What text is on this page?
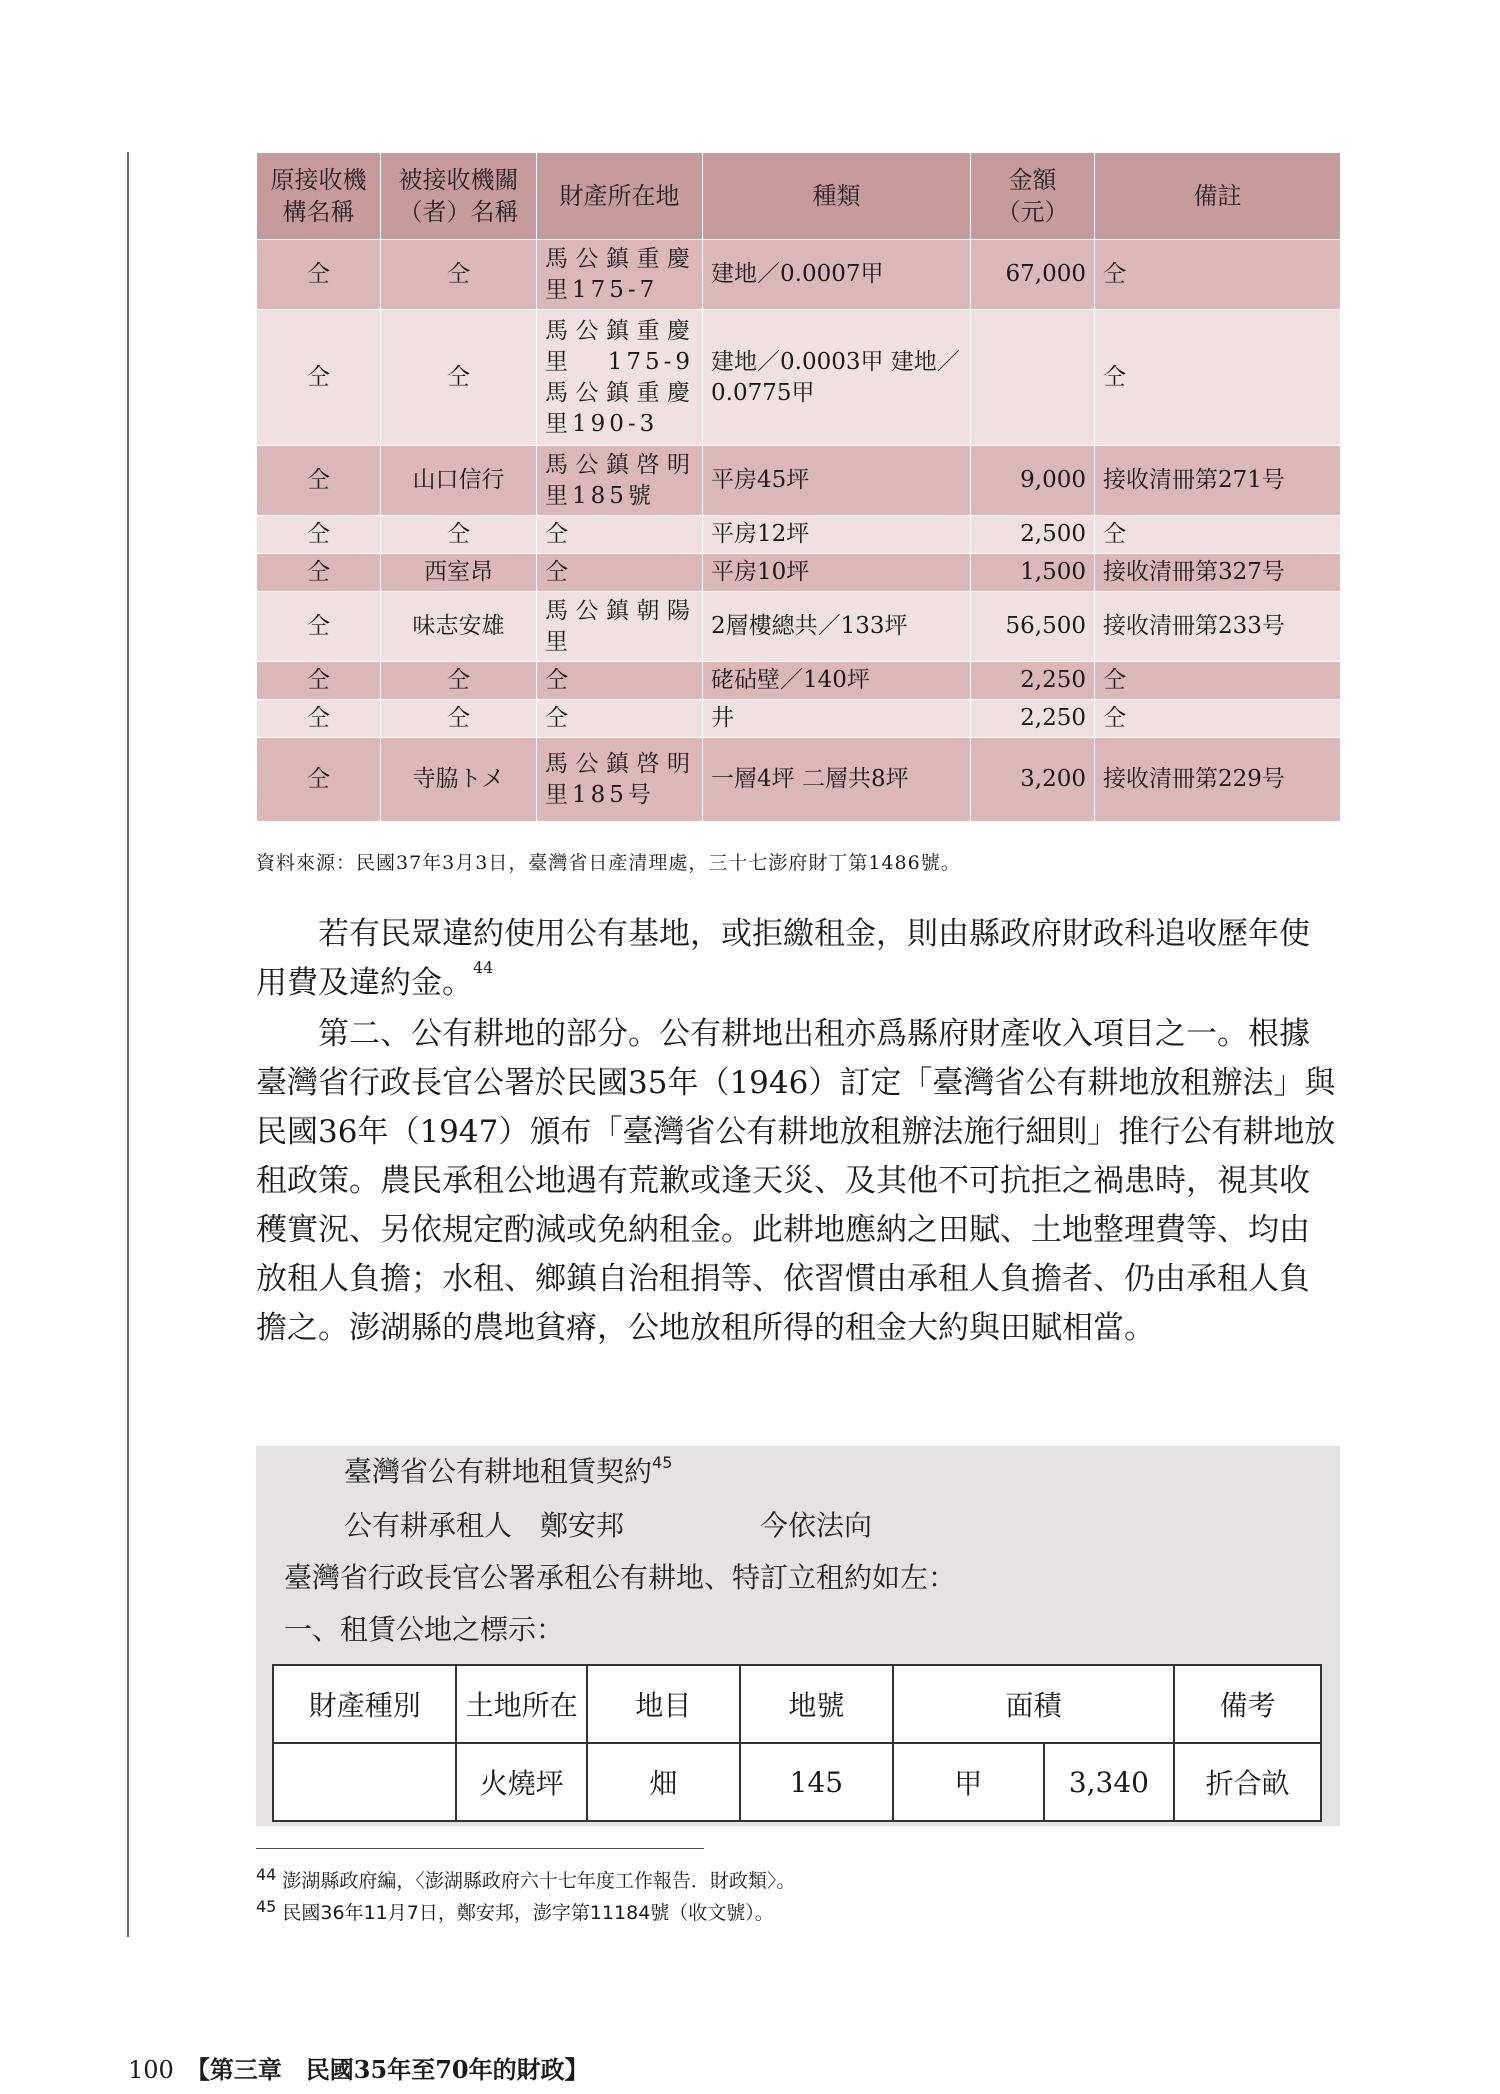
原接收機構名稱	被接收機關（者）名稱	財產所在地	種類	金額（元）	備註
仝	仝	馬公鎮重慶里175-7	建地／0.0007甲	67,000	仝
仝	仝	馬公鎮重慶里175-9 馬公鎮重慶里190-3	建地／0.0003甲 建地／0.0775甲		仝
仝	山口信行	馬公鎮啓明里185號	平房45坪	9,000	接收清冊第271号
仝	仝	仝	平房12坪	2,500	仝
仝	西室昂	仝	平房10坪	1,500	接收清冊第327号
仝	味志安雄	馬公鎮朝陽里	2層樓總共／133坪	56,500	接收清冊第233号
仝	仝	仝	硓砧壁／140坪	2,250	仝
仝	仝	仝	井	2,250	仝
仝	寺脇トメ	馬公鎮啓明里185号	一層4坪 二層共8坪	3,200	接收清冊第229号
資料來源：民國37年3月3日，臺灣省日產清理處，三十七澎府財丁第1486號。
若有民眾違約使用公有基地，或拒繳租金，則由縣政府財政科追收歷年使用費及違約金。$^{44}$
第二、公有耕地的部分。公有耕地出租亦爲縣府財產收入項目之一。根據臺灣省行政長官公署於民國35年（1946）訂定「臺灣省公有耕地放租辦法」與民國36年（1947）頒布「臺灣省公有耕地放租辦法施行細則」推行公有耕地放租政策。農民承租公地遇有荒歉或逢天災、及其他不可抗拒之禍患時，視其收穫實況、另依規定酌減或免納租金。此耕地應納之田賦、土地整理費等、均由放租人負擔；水租、鄉鎮自治租捐等、依習慣由承租人負擔者、仍由承租人負擔之。澎湖縣的農地貧瘠，公地放租所得的租金大約與田賦相當。
臺灣省公有耕地租賃契約$^{45}$
公有耕承租人　鄭安邦	今依法向
臺灣省行政長官公署承租公有耕地、特訂立租約如左：
一、租賃公地之標示：
財產種別	土地所在	地目	地號	面積		備考
	火燒坪	畑	145	甲	3,340	折合畝
$^{44}$ 澎湖縣政府編，〈澎湖縣政府六十七年度工作報告．財政類〉。
$^{45}$ 民國36年11月7日，鄭安邦，澎字第11184號（收文號）。
100 【第三章　民國35年至70年的財政】
